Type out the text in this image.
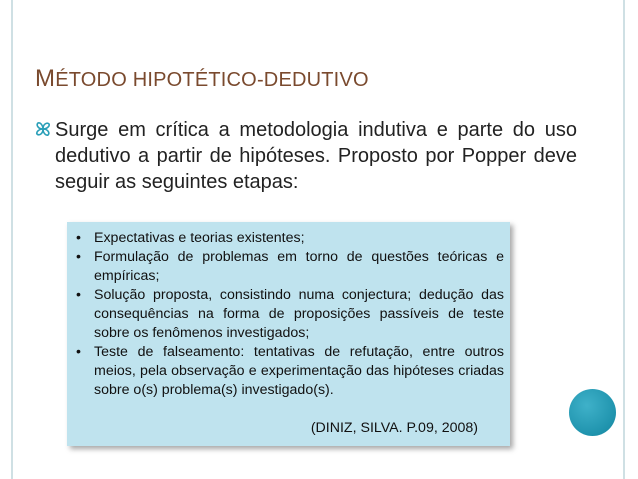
MÉTODO HIPOTÉTICO-DEDUTIVO
Surge em crítica a metodologia indutiva e parte do uso dedutivo a partir de hipóteses. Proposto por Popper deve seguir as seguintes etapas:
• Expectativas e teorias existentes;
• Formulação de problemas em torno de questões teóricas e empíricas;
• Solução proposta, consistindo numa conjectura; dedução das consequências na forma de proposições passíveis de teste sobre os fenômenos investigados;
• Teste de falseamento: tentativas de refutação, entre outros meios, pela observação e experimentação das hipóteses criadas sobre o(s) problema(s) investigado(s).
(DINIZ, SILVA. P.09, 2008)
